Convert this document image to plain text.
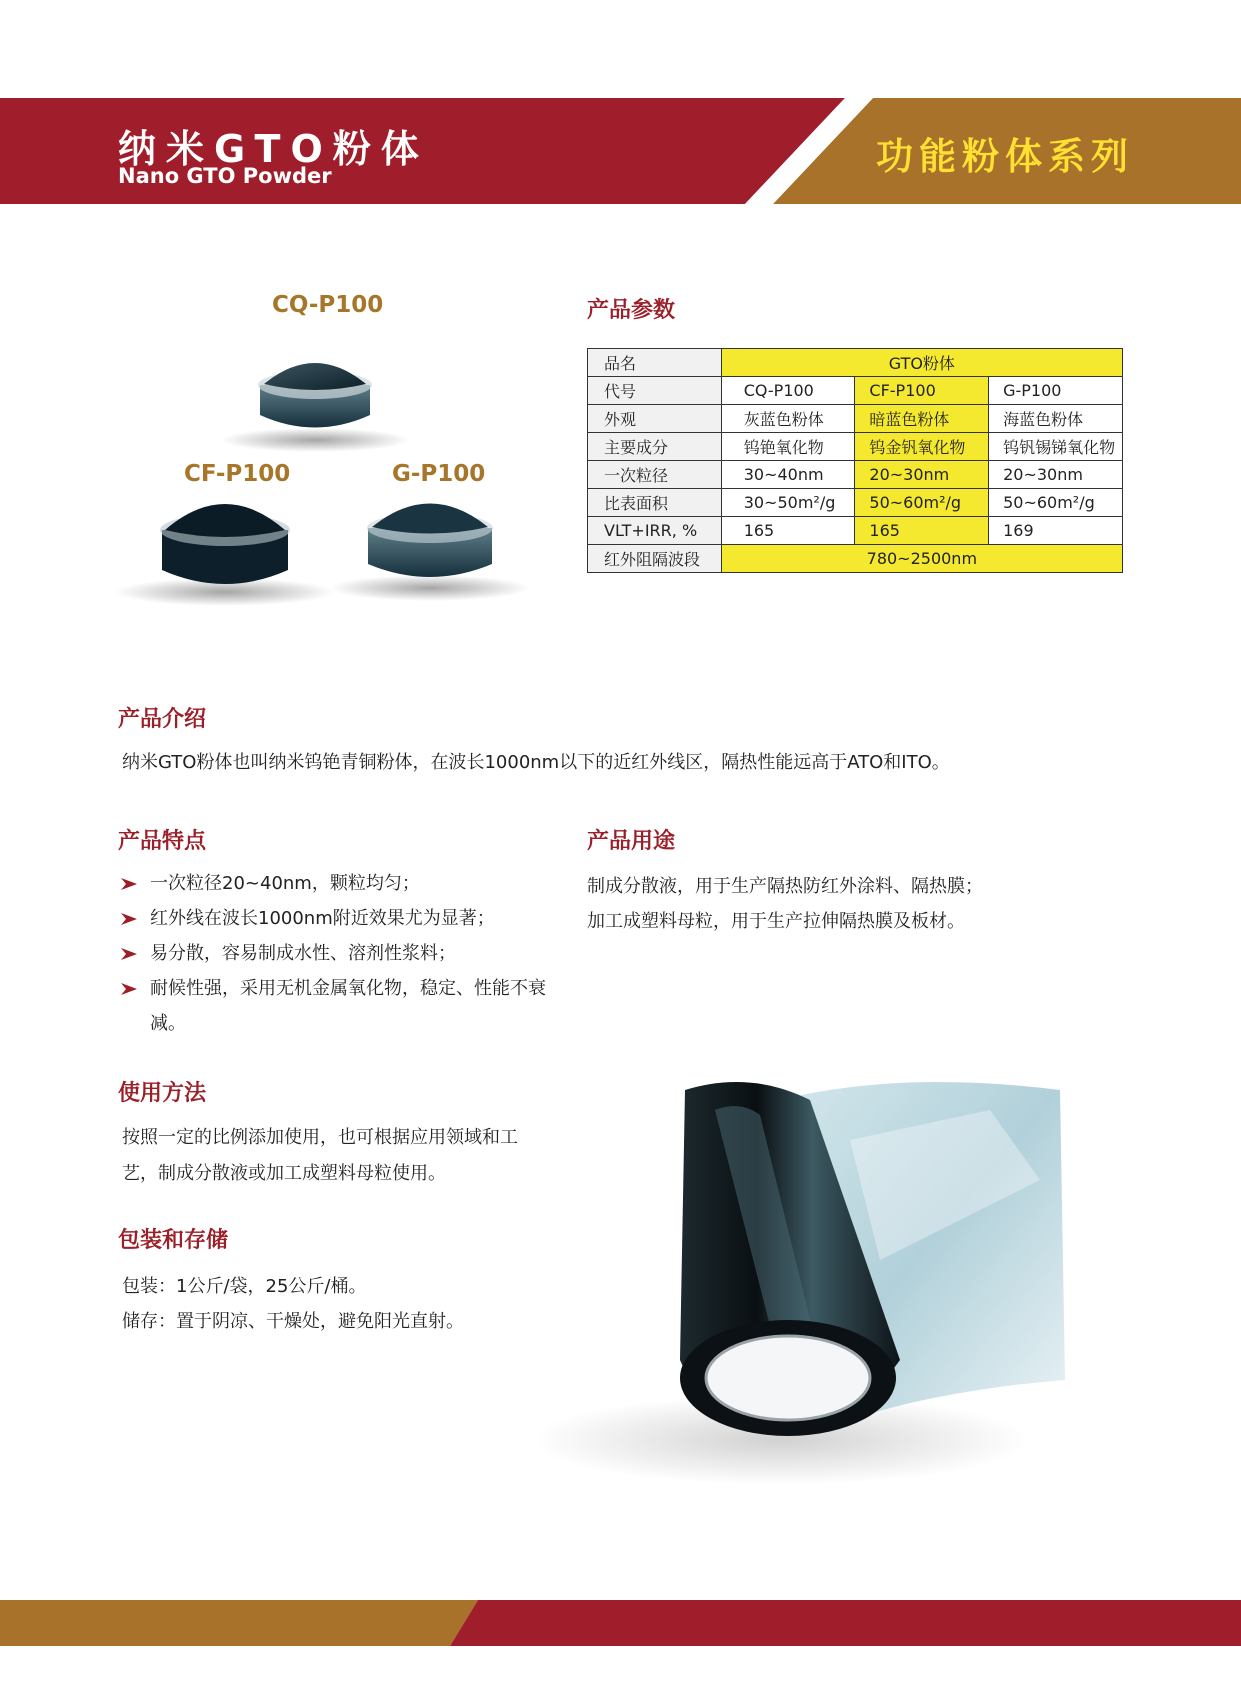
纳米GTO粉体
Nano GTO Powder	功能粉体系列
CQ-P100
CF-P100	G-P100
产品参数
品名	GTO粉体		
代号	CQ-P100	CF-P100	G-P100
外观	灰蓝色粉体	暗蓝色粉体	海蓝色粉体
主要成分	钨铯氧化物	钨金钒氧化物	钨钒锡锑氧化物
一次粒径	30~40nm	20~30nm	20~30nm
比表面积	30~50m²/g	50~60m²/g	50~60m²/g
VLT+IRR, %	165	165	169
红外阻隔波段	780~2500nm		
产品介绍
纳米GTO粉体也叫纳米钨铯青铜粉体，在波长1000nm以下的近红外线区，隔热性能远高于ATO和ITO。
产品特点
一次粒径20~40nm，颗粒均匀；
红外线在波长1000nm附近效果尤为显著；
易分散，容易制成水性、溶剂性浆料；
耐候性强，采用无机金属氧化物，稳定、性能不衰减。
产品用途
制成分散液，用于生产隔热防红外涂料、隔热膜；
加工成塑料母粒，用于生产拉伸隔热膜及板材。
使用方法
按照一定的比例添加使用，也可根据应用领域和工
艺，制成分散液或加工成塑料母粒使用。
包装和存储
包装：1公斤/袋，25公斤/桶。
储存：置于阴凉、干燥处，避免阳光直射。
